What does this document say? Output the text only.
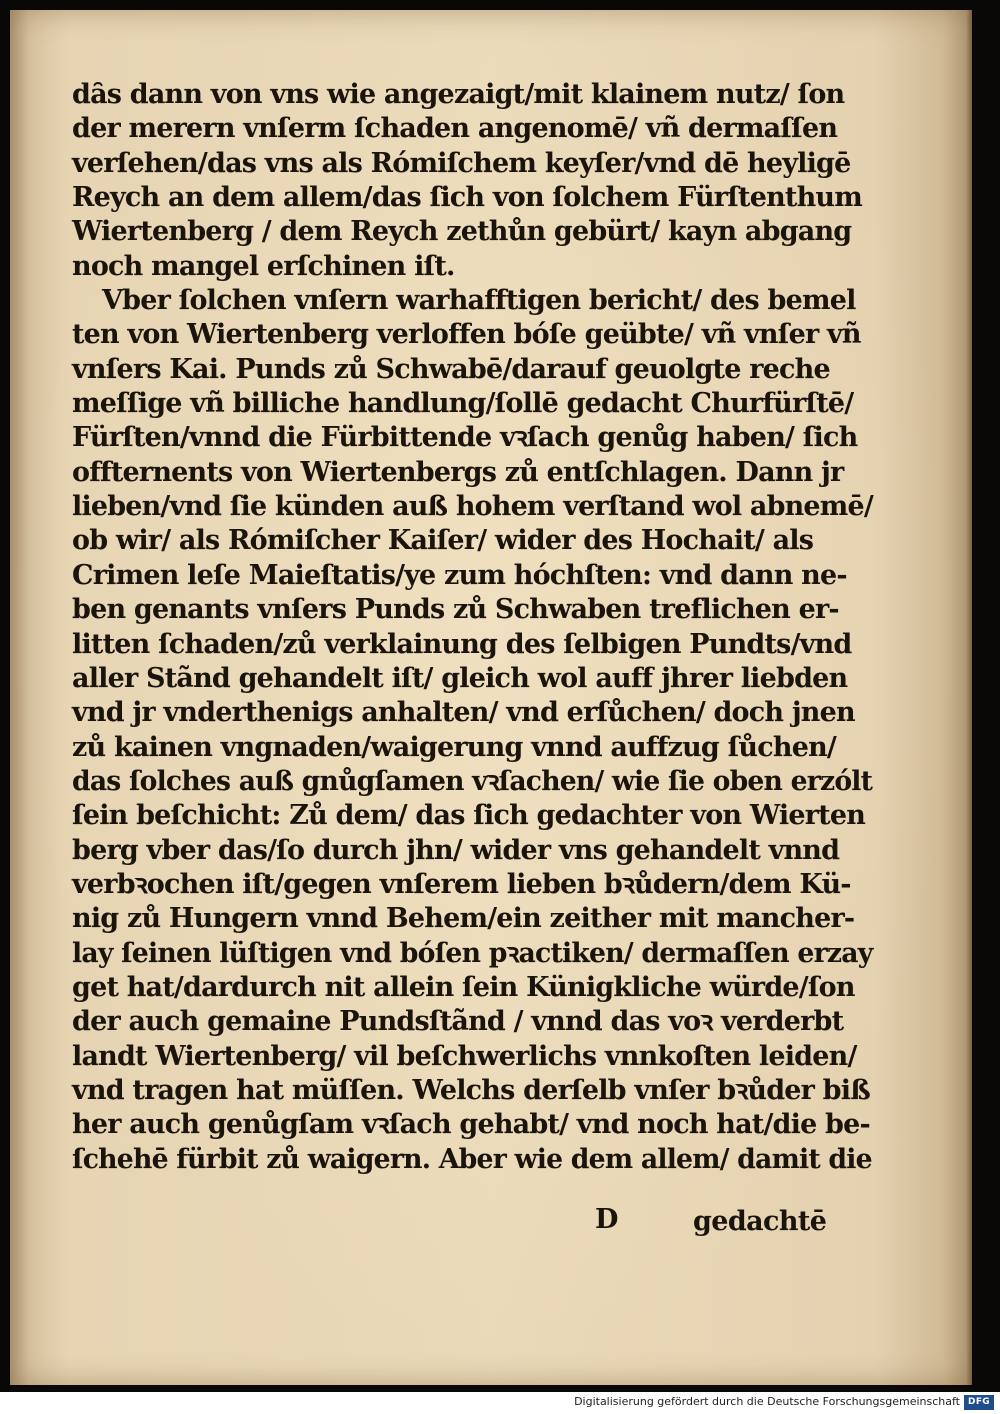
dȃs dann von vns wie angezaigt/mit klainem nutz/ ſon
der merern vnſerm ſchaden angenomē/ vñ dermaſſen
verſehen/das vns als Rómiſchem keyſer/vnd dē heyligē
Reych an dem allem/das ſich von ſolchem Fürſtenthum
Wiertenberg / dem Reych zethůn gebürt/ kayn abgang
noch mangel erſchinen iſt.
Vber ſolchen vnſern warhafftigen bericht/ des bemel
ten von Wiertenberg verloffen bóſe geübte/ vñ vnſer vñ
vnſers Kai. Punds zů Schwabē/darauf geuolgte reche
meſſige vñ billiche handlung/ſollē gedacht Churfürſtē/
Fürſten/vnnd die Fürbittende vꝛſach genůg haben/ ſich
offternents von Wiertenbergs zů entſchlagen. Dann jr
lieben/vnd ſie künden auß hohem verſtand wol abnemē/
ob wir/ als Rómiſcher Kaiſer/ wider des Hochait/ als
Crimen leſe Maieſtatis/ye zum hóchſten: vnd dann ne-
ben genants vnſers Punds zů Schwaben treflichen er-
litten ſchaden/zů verklainung des ſelbigen Pundts/vnd
aller Stãnd gehandelt iſt/ gleich wol auff jhrer liebden
vnd jr vnderthenigs anhalten/ vnd erſůchen/ doch jnen
zů kainen vngnaden/waigerung vnnd auffzug ſůchen/
das ſolches auß gnůgſamen vꝛſachen/ wie ſie oben erzólt
ſein beſchicht: Zů dem/ das ſich gedachter von Wierten
berg vber das/ſo durch jhn/ wider vns gehandelt vnnd
verbꝛochen iſt/gegen vnſerem lieben bꝛůdern/dem Kü-
nig zů Hungern vnnd Behem/ein zeither mit mancher-
lay ſeinen lüſtigen vnd bóſen pꝛactiken/ dermaſſen erzay
get hat/dardurch nit allein ſein Künigkliche würde/ſon
der auch gemaine Pundsſtãnd / vnnd das voꝛ verderbt
landt Wiertenberg/ vil beſchwerlichs vnnkoſten leiden/
vnd tragen hat müſſen. Welchs derſelb vnſer bꝛůder biß
her auch genůgſam vꝛſach gehabt/ vnd noch hat/die be-
ſchehē fürbit zů waigern. Aber wie dem allem/ damit die
D	gedachtē
Digitalisierung gefördert durch die Deutsche Forschungsgemeinschaft DFG
